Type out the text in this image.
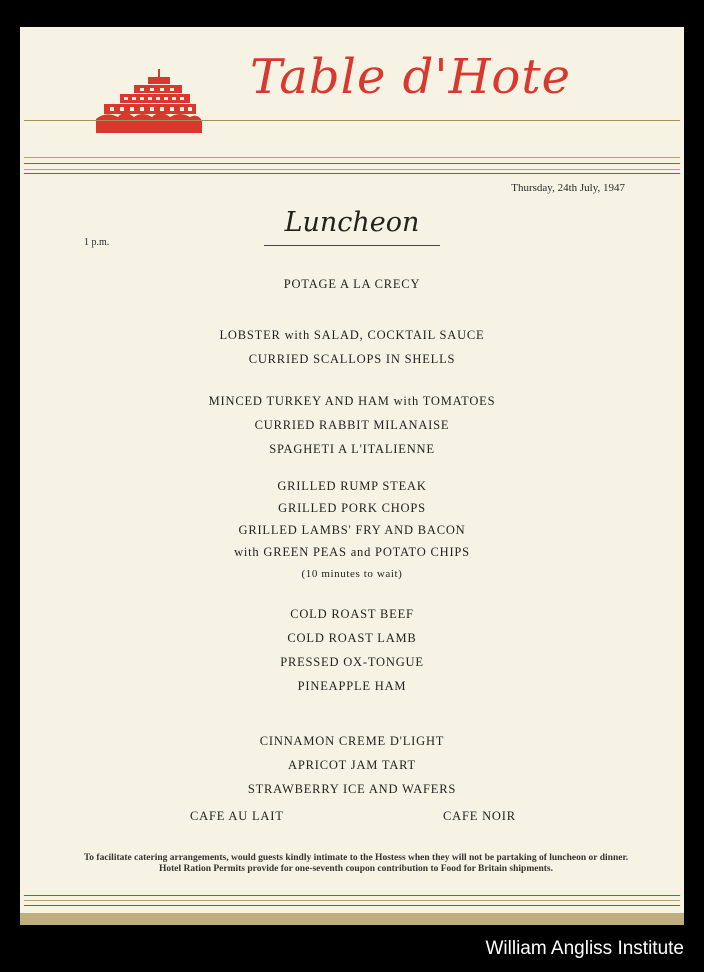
Table d'Hote
Thursday, 24th July, 1947
1 p.m.
Luncheon
POTAGE A LA CRECY
LOBSTER with SALAD, COCKTAIL SAUCE
CURRIED SCALLOPS IN SHELLS
MINCED TURKEY AND HAM with TOMATOES
CURRIED RABBIT MILANAISE
SPAGHETI A L'ITALIENNE
GRILLED RUMP STEAK
GRILLED PORK CHOPS
GRILLED LAMBS' FRY AND BACON
with GREEN PEAS and POTATO CHIPS
(10 minutes to wait)
COLD ROAST BEEF
COLD ROAST LAMB
PRESSED OX-TONGUE
PINEAPPLE HAM
CINNAMON CREME D'LIGHT
APRICOT JAM TART
STRAWBERRY ICE AND WAFERS
CAFE AU LAIT	CAFE NOIR
To facilitate catering arrangements, would guests kindly intimate to the Hostess when they will not be partaking of luncheon or dinner. Hotel Ration Permits provide for one-seventh coupon contribution to Food for Britain shipments.
William Angliss Institute
